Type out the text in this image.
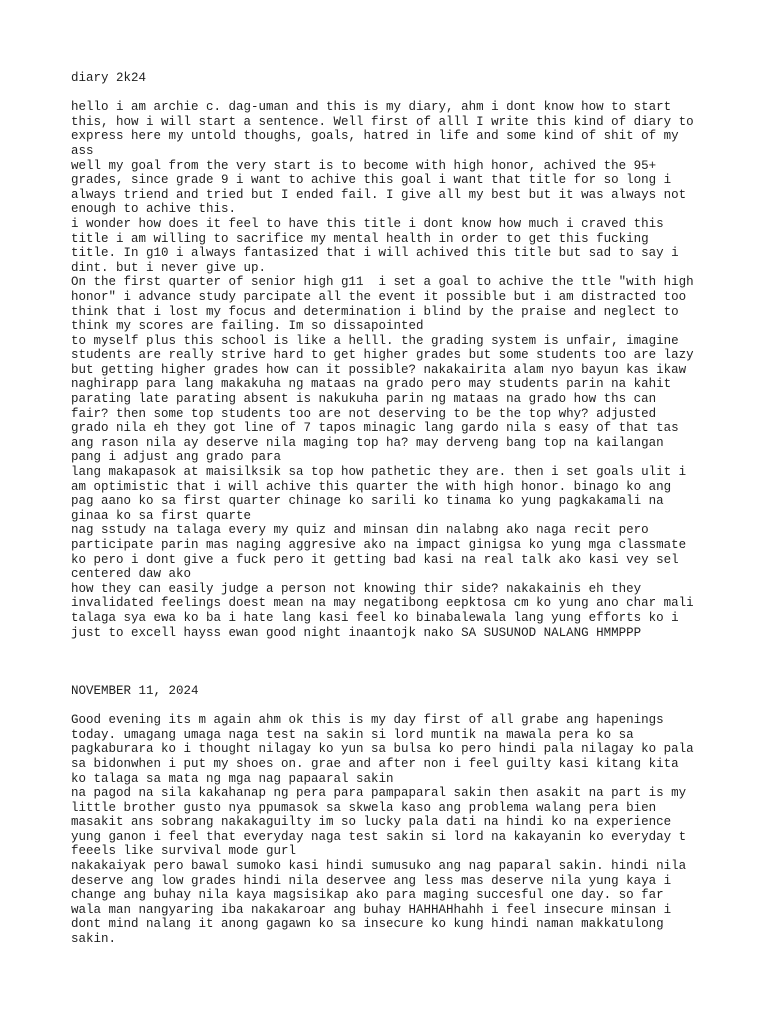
diary 2k24
hello i am archie c. dag-uman and this is my diary, ahm i dont know how to start
this, how i will start a sentence. Well first of alll I write this kind of diary to
express here my untold thoughs, goals, hatred in life and some kind of shit of my
ass
well my goal from the very start is to become with high honor, achived the 95+
grades, since grade 9 i want to achive this goal i want that title for so long i
always triend and tried but I ended fail. I give all my best but it was always not
enough to achive this.
i wonder how does it feel to have this title i dont know how much i craved this
title i am willing to sacrifice my mental health in order to get this fucking
title. In g10 i always fantasized that i will achived this title but sad to say i
dint. but i never give up.
On the first quarter of senior high g11  i set a goal to achive the ttle "with high
honor" i advance study parcipate all the event it possible but i am distracted too
think that i lost my focus and determination i blind by the praise and neglect to
think my scores are failing. Im so dissapointed
to myself plus this school is like a helll. the grading system is unfair, imagine
students are really strive hard to get higher grades but some students too are lazy
but getting higher grades how can it possible? nakakairita alam nyo bayun kas ikaw
naghirapp para lang makakuha ng mataas na grado pero may students parin na kahit
parating late parating absent is nakukuha parin ng mataas na grado how ths can
fair? then some top students too are not deserving to be the top why? adjusted
grado nila eh they got line of 7 tapos minagic lang gardo nila s easy of that tas
ang rason nila ay deserve nila maging top ha? may derveng bang top na kailangan
pang i adjust ang grado para
lang makapasok at maisilksik sa top how pathetic they are. then i set goals ulit i
am optimistic that i will achive this quarter the with high honor. binago ko ang
pag aano ko sa first quarter chinage ko sarili ko tinama ko yung pagkakamali na
ginaa ko sa first quarte
nag sstudy na talaga every my quiz and minsan din nalabng ako naga recit pero
participate parin mas naging aggresive ako na impact ginigsa ko yung mga classmate
ko pero i dont give a fuck pero it getting bad kasi na real talk ako kasi vey sel
centered daw ako
how they can easily judge a person not knowing thir side? nakakainis eh they
invalidated feelings doest mean na may negatibong eepktosa cm ko yung ano char mali
talaga sya ewa ko ba i hate lang kasi feel ko binabalewala lang yung efforts ko i
just to excell hayss ewan good night inaantojk nako SA SUSUNOD NALANG HMMPPP
NOVEMBER 11, 2024
Good evening its m again ahm ok this is my day first of all grabe ang hapenings
today. umagang umaga naga test na sakin si lord muntik na mawala pera ko sa
pagkaburara ko i thought nilagay ko yun sa bulsa ko pero hindi pala nilagay ko pala
sa bidonwhen i put my shoes on. grae and after non i feel guilty kasi kitang kita
ko talaga sa mata ng mga nag papaaral sakin
na pagod na sila kakahanap ng pera para pampaparal sakin then asakit na part is my
little brother gusto nya ppumasok sa skwela kaso ang problema walang pera bien
masakit ans sobrang nakakaguilty im so lucky pala dati na hindi ko na experience
yung ganon i feel that everyday naga test sakin si lord na kakayanin ko everyday t
feeels like survival mode gurl
nakakaiyak pero bawal sumoko kasi hindi sumusuko ang nag paparal sakin. hindi nila
deserve ang low grades hindi nila deservee ang less mas deserve nila yung kaya i
change ang buhay nila kaya magsisikap ako para maging succesful one day. so far
wala man nangyaring iba nakakaroar ang buhay HAHHAHhahh i feel insecure minsan i
dont mind nalang it anong gagawn ko sa insecure ko kung hindi naman makkatulong
sakin.
